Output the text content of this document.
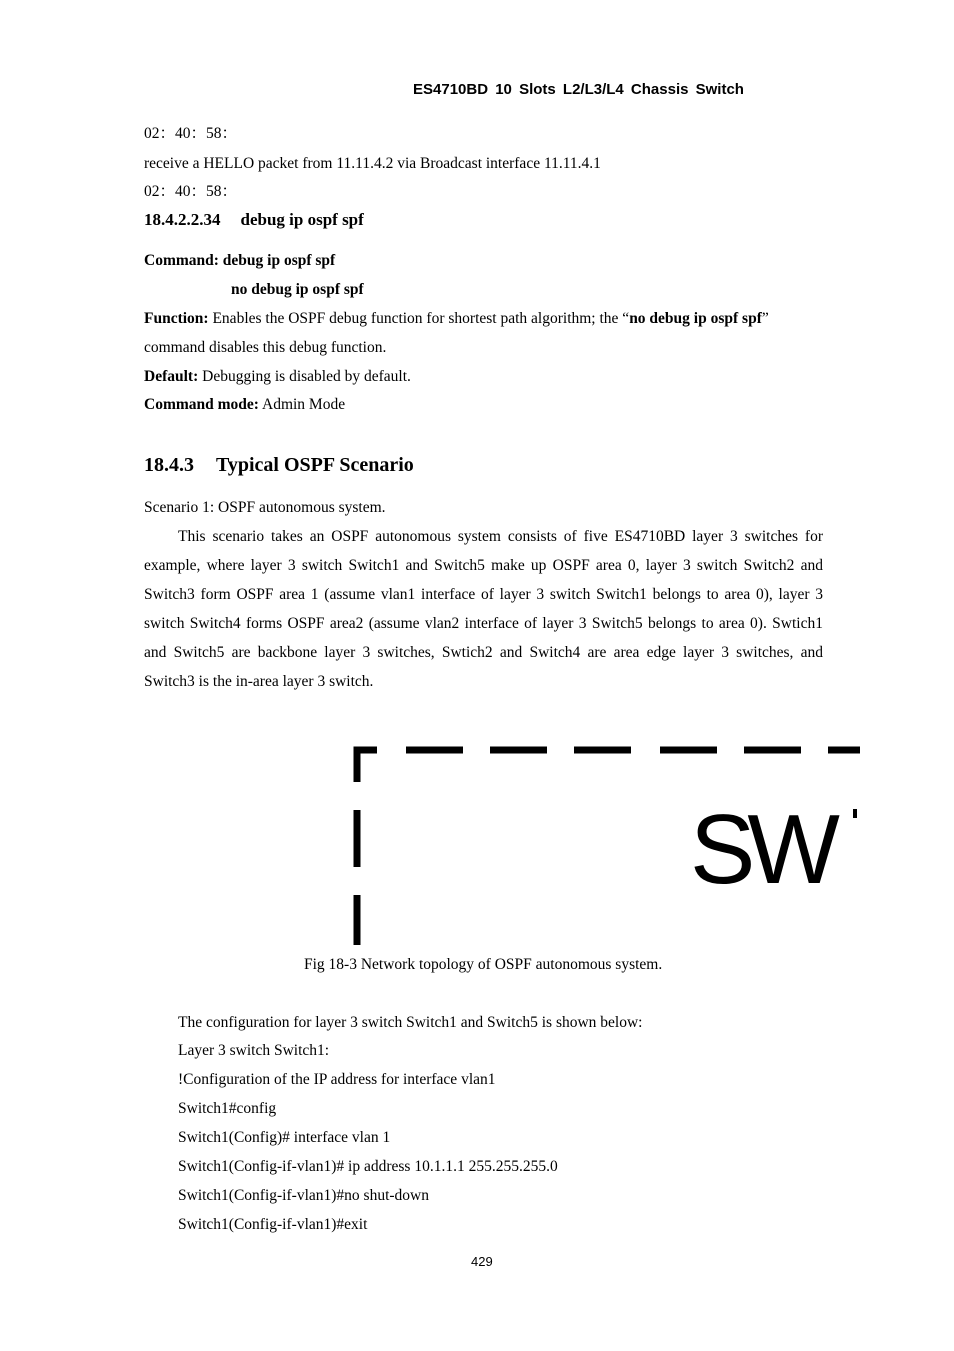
ES4710BD 10 Slots L2/L3/L4 Chassis Switch
02：40：58：
receive a HELLO packet from 11.11.4.2 via Broadcast interface 11.11.4.1
02：40：58：
18.4.2.2.34 debug ip ospf spf
Command: debug ip ospf spf
no debug ip ospf spf
Function: Enables the OSPF debug function for shortest path algorithm; the “no debug ip ospf spf”
command disables this debug function.
Default: Debugging is disabled by default.
Command mode: Admin Mode
18.4.3 Typical OSPF Scenario
Scenario 1: OSPF autonomous system.
This scenario takes an OSPF autonomous system consists of five ES4710BD layer 3 switches for example, where layer 3 switch Switch1 and Switch5 make up OSPF area 0, layer 3 switch Switch2 and Switch3 form OSPF area 1 (assume vlan1 interface of layer 3 switch Switch1 belongs to area 0), layer 3 switch Switch4 forms OSPF area2 (assume vlan2 interface of layer 3 Switch5 belongs to area 0). Swtich1 and Switch5 are backbone layer 3 switches, Swtich2 and Switch4 are area edge layer 3 switches, and Switch3 is the in-area layer 3 switch.
SW
Fig 18-3 Network topology of OSPF autonomous system.
The configuration for layer 3 switch Switch1 and Switch5 is shown below:
Layer 3 switch Switch1:
!Configuration of the IP address for interface vlan1
Switch1#config
Switch1(Config)# interface vlan 1
Switch1(Config-if-vlan1)# ip address 10.1.1.1 255.255.255.0
Switch1(Config-if-vlan1)#no shut-down
Switch1(Config-if-vlan1)#exit
429
